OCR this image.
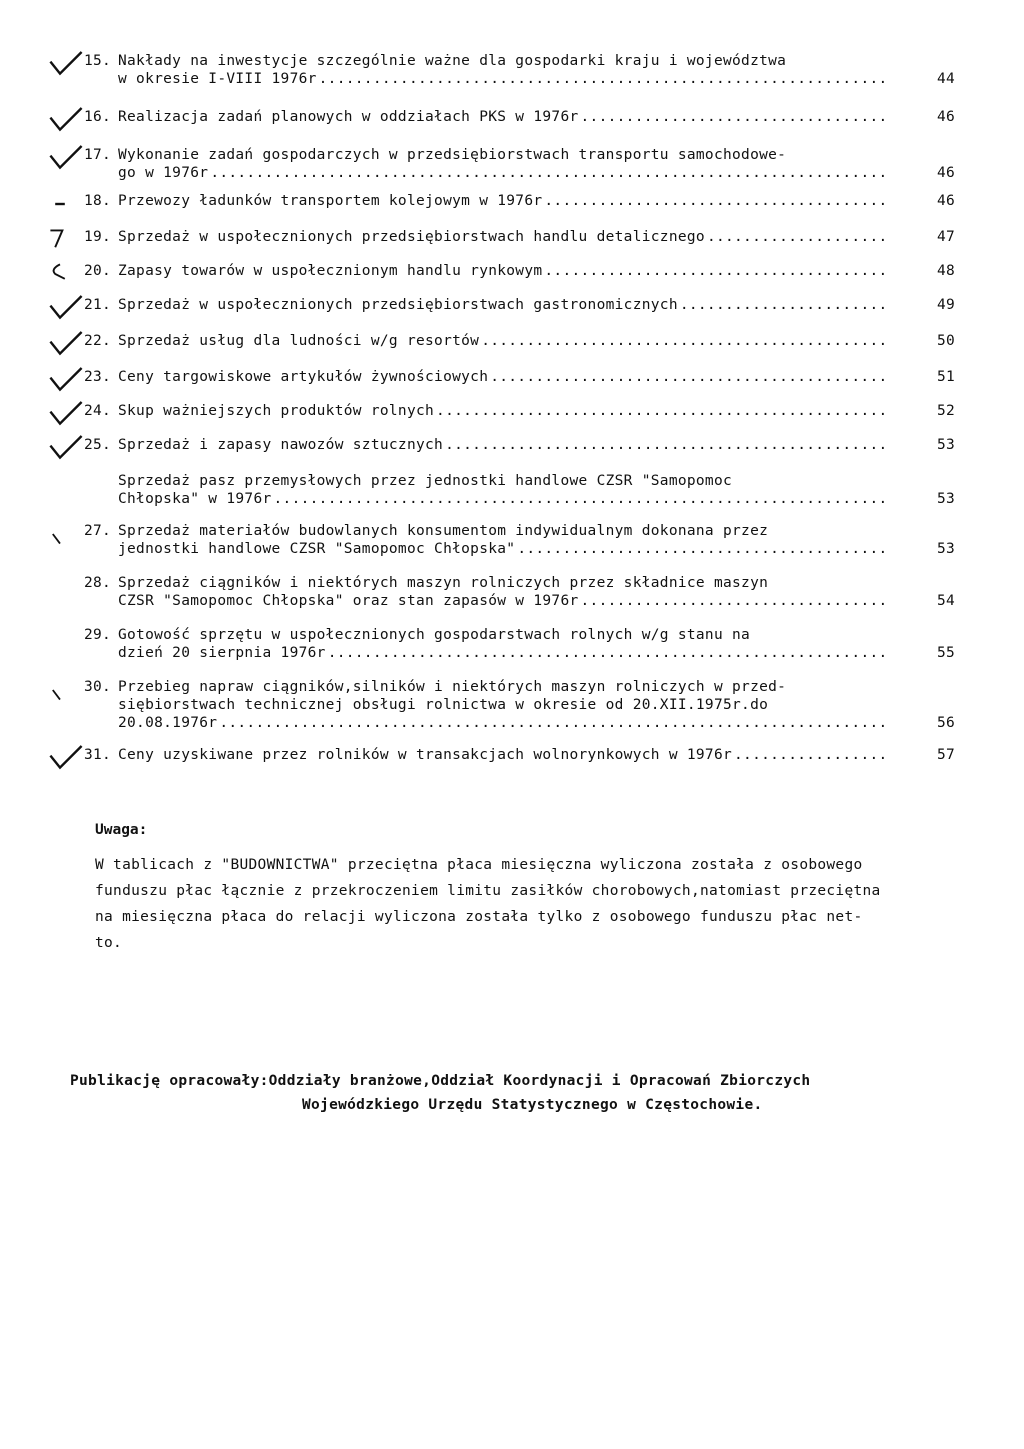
15. Nakłady na inwestycje szczególnie ważne dla gospodarki kraju i województwa
w okresie I-VIII 1976r .....	44
16. Realizacja zadań planowych w oddziałach PKS w 1976r .....	46
17. Wykonanie zadań gospodarczych w przedsiębiorstwach transportu samochodowe-
go w 1976r .....	46
18. Przewozy ładunków transportem kolejowym w 1976r .....	46
19. Sprzedaż w uspołecznionych przedsiębiorstwach handlu detalicznego .....	47
20. Zapasy towarów w uspołecznionym handlu rynkowym .....	48
21. Sprzedaż w uspołecznionych przedsiębiorstwach gastronomicznych .....	49
22. Sprzedaż usług dla ludności w/g resortów .....	50
23. Ceny targowiskowe artykułów żywnościowych .....	51
24. Skup ważniejszych produktów rolnych .....	52
25. Sprzedaż i zapasy nawozów sztucznych .....	53
Sprzedaż pasz przemysłowych przez jednostki handlowe CZSR "Samopomoc
Chłopska" w 1976r .....	53
27. Sprzedaż materiałów budowlanych konsumentom indywidualnym dokonana przez
jednostki handlowe CZSR "Samopomoc Chłopska" .....	53
28. Sprzedaż ciągników i niektórych maszyn rolniczych przez składnice maszyn
CZSR "Samopomoc Chłopska" oraz stan zapasów w 1976r .....	54
29. Gotowość sprzętu w uspołecznionych gospodarstwach rolnych w/g stanu na
dzień 20 sierpnia 1976r .....	55
30. Przebieg napraw ciągników,silników i niektórych maszyn rolniczych w przed-
siębiorstwach technicznej obsługi rolnictwa w okresie od 20.XII.1975r.do
20.08.1976r .....	56
31. Ceny uzyskiwane przez rolników w transakcjach wolnorynkowych w 1976r .....	57
Uwaga:
W tablicach z "BUDOWNICTWA" przeciętna płaca miesięczna wyliczona została z osobowego
funduszu płac łącznie z przekroczeniem limitu zasiłków chorobowych,natomiast przeciętna
na miesięczna płaca do relacji wyliczona została tylko z osobowego funduszu płac net-
to.
Publikację opracowały:Oddziały branżowe,Oddział Koordynacji i Opracowań Zbiorczych
Wojewódzkiego Urzędu Statystycznego w Częstochowie.
